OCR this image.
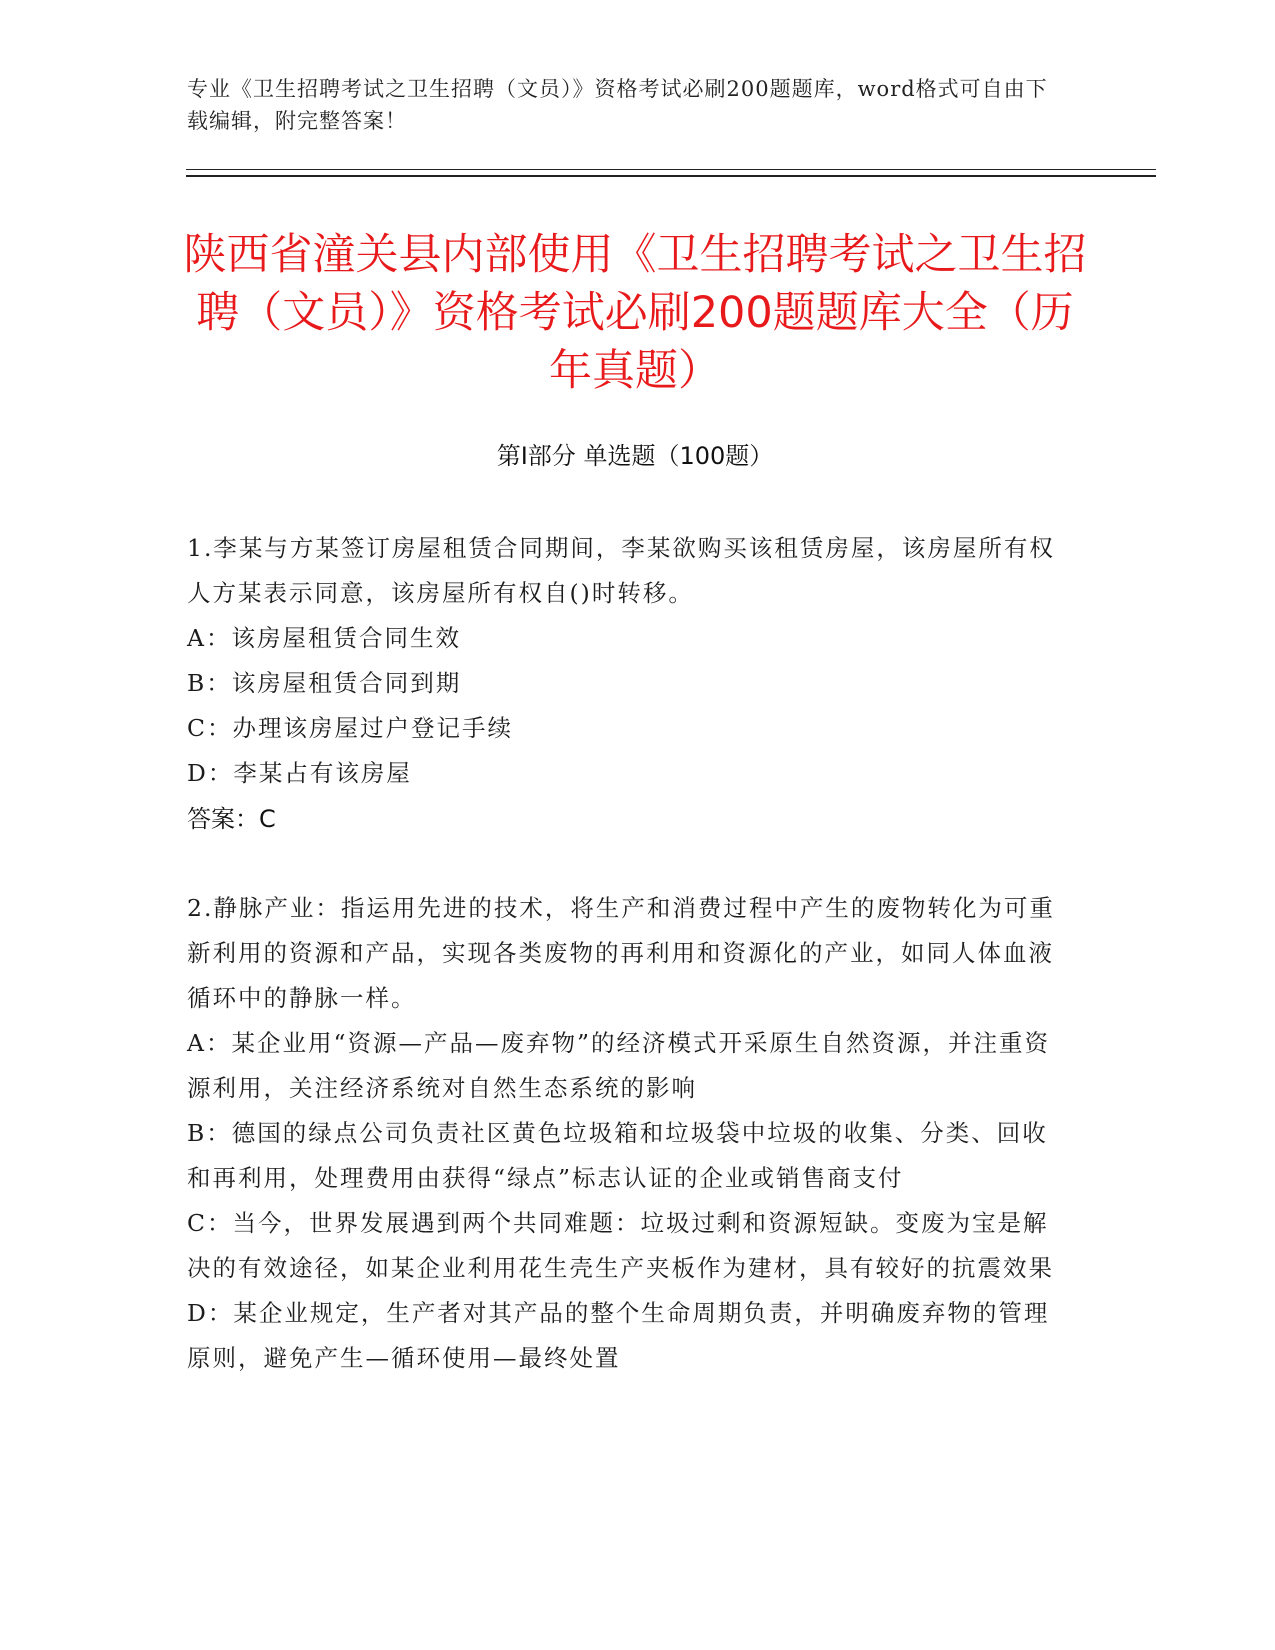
专业《卫生招聘考试之卫生招聘（文员）》资格考试必刷200题题库，word格式可自由下载编辑，附完整答案！
陕西省潼关县内部使用《卫生招聘考试之卫生招聘（文员）》资格考试必刷200题题库大全（历年真题）
第Ⅰ部分 单选题（100题）

1.李某与方某签订房屋租赁合同期间，李某欲购买该租赁房屋，该房屋所有权人方某表示同意，该房屋所有权自()时转移。

A：该房屋租赁合同生效

B：该房屋租赁合同到期

C：办理该房屋过户登记手续

D：李某占有该房屋

答案：C

2.静脉产业：指运用先进的技术，将生产和消费过程中产生的废物转化为可重新利用的资源和产品，实现各类废物的再利用和资源化的产业，如同人体血液循环中的静脉一样。

A：某企业用“资源—产品—废弃物”的经济模式开采原生自然资源，并注重资源利用，关注经济系统对自然生态系统的影响

B：德国的绿点公司负责社区黄色垃圾箱和垃圾袋中垃圾的收集、分类、回收和再利用，处理费用由获得“绿点”标志认证的企业或销售商支付

C：当今，世界发展遇到两个共同难题：垃圾过剩和资源短缺。变废为宝是解决的有效途径，如某企业利用花生壳生产夹板作为建材，具有较好的抗震效果

D：某企业规定，生产者对其产品的整个生命周期负责，并明确废弃物的管理原则，避免产生—循环使用—最终处置
